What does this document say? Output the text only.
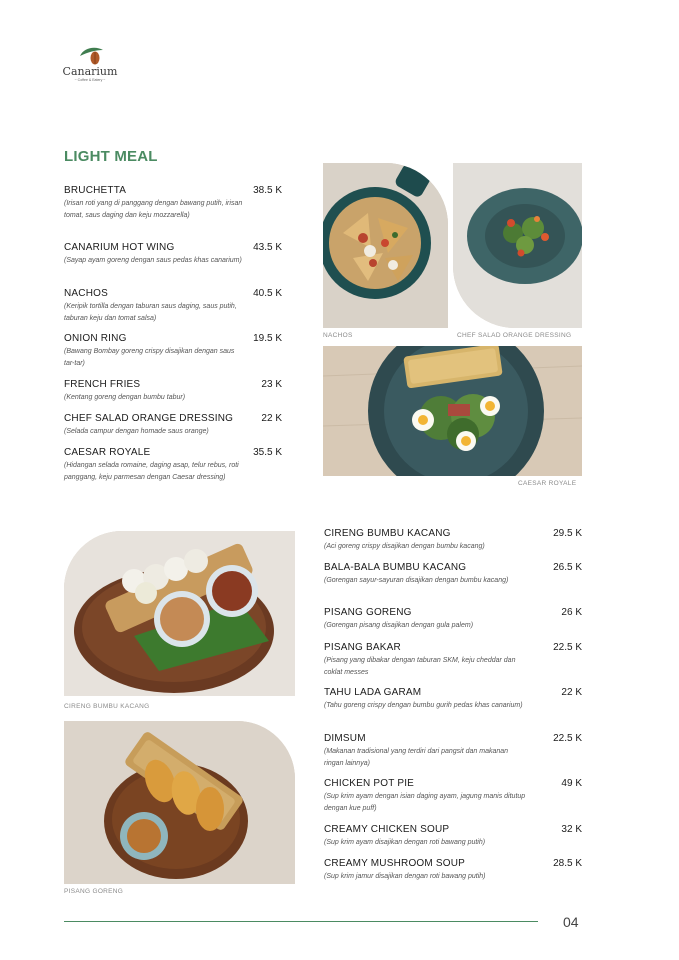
Canarium
~ Coffee & Eatery ~
LIGHT MEAL
BRUCHETTA	38.5 K
(Irisan roti yang di panggang dengan bawang putih, irisan tomat, saus daging dan keju mozzarella)
CANARIUM HOT WING	43.5 K
(Sayap ayam goreng dengan saus pedas khas canarium)
NACHOS	40.5 K
(Keripik tortilla dengan taburan saus daging, saus putih, taburan keju dan tomat salsa)
ONION RING	19.5 K
(Bawang Bombay goreng crispy disajikan dengan saus tar-tar)
FRENCH FRIES	23 K
(Kentang goreng dengan bumbu tabur)
CHEF SALAD ORANGE DRESSING	22 K
(Selada campur dengan homade saus orange)
CAESAR ROYALE	35.5 K
(Hidangan selada romaine, daging asap, telur rebus, roti panggang, keju parmesan dengan Caesar dressing)
NACHOS	CHEF SALAD ORANGE DRESSING
CAESAR ROYALE
CIRENG BUMBU KACANG
PISANG GORENG
CIRENG BUMBU KACANG	29.5 K
(Aci goreng crispy disajikan dengan bumbu kacang)
BALA-BALA BUMBU KACANG	26.5 K
(Gorengan sayur-sayuran disajikan dengan bumbu kacang)
PISANG GORENG	26 K
(Gorengan pisang disajikan dengan gula palem)
PISANG BAKAR	22.5 K
(Pisang yang dibakar dengan taburan SKM, keju cheddar dan coklat messes
TAHU LADA GARAM	22 K
(Tahu goreng crispy dengan bumbu gurih pedas khas canarium)
DIMSUM	22.5 K
(Makanan tradisional yang terdiri dari pangsit dan makanan ringan lainnya)
CHICKEN POT PIE	49 K
(Sup krim ayam dengan isian daging ayam, jagung manis ditutup dengan kue puff)
CREAMY CHICKEN SOUP	32 K
(Sup krim ayam disajikan dengan roti bawang putih)
CREAMY MUSHROOM SOUP	28.5 K
(Sup krim jamur disajikan dengan roti bawang putih)
04
